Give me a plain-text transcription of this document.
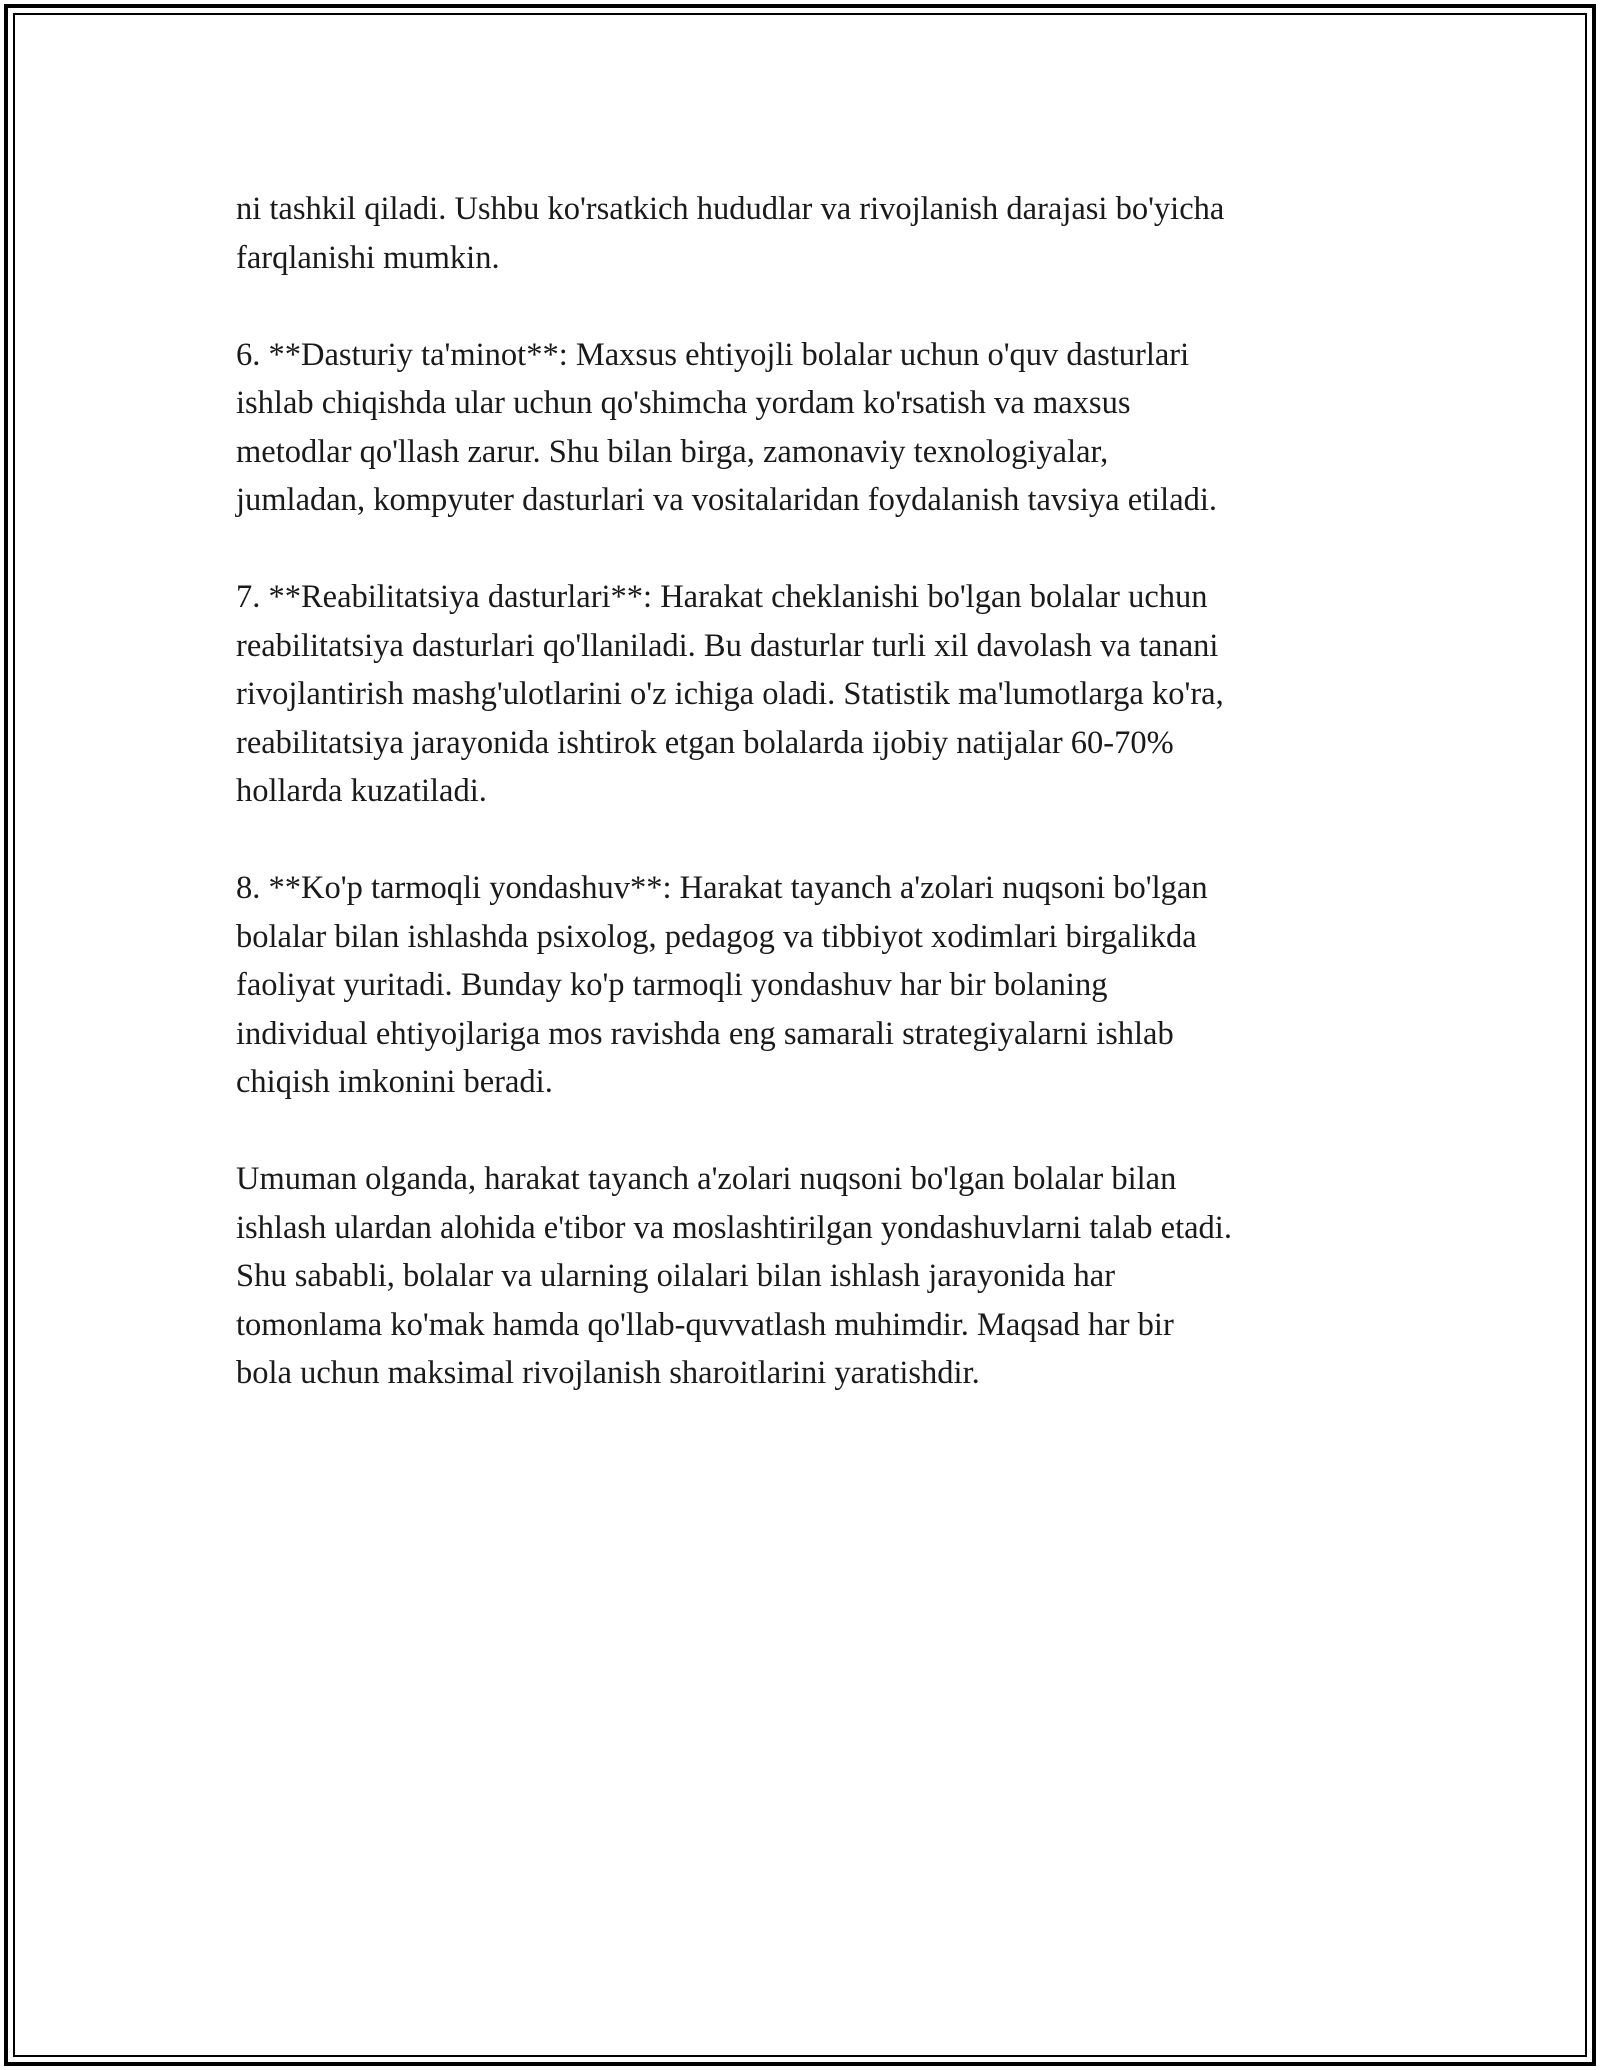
ni tashkil qiladi. Ushbu ko'rsatkich hududlar va rivojlanish darajasi bo'yicha
farqlanishi mumkin.

6. **Dasturiy ta'minot**: Maxsus ehtiyojli bolalar uchun o'quv dasturlari
ishlab chiqishda ular uchun qo'shimcha yordam ko'rsatish va maxsus
metodlar qo'llash zarur. Shu bilan birga, zamonaviy texnologiyalar,
jumladan, kompyuter dasturlari va vositalaridan foydalanish tavsiya etiladi.

7. **Reabilitatsiya dasturlari**: Harakat cheklanishi bo'lgan bolalar uchun
reabilitatsiya dasturlari qo'llaniladi. Bu dasturlar turli xil davolash va tanani
rivojlantirish mashg'ulotlarini o'z ichiga oladi. Statistik ma'lumotlarga ko'ra,
reabilitatsiya jarayonida ishtirok etgan bolalarda ijobiy natijalar 60-70%
hollarda kuzatiladi.

8. **Ko'p tarmoqli yondashuv**: Harakat tayanch a'zolari nuqsoni bo'lgan
bolalar bilan ishlashda psixolog, pedagog va tibbiyot xodimlari birgalikda
faoliyat yuritadi. Bunday ko'p tarmoqli yondashuv har bir bolaning
individual ehtiyojlariga mos ravishda eng samarali strategiyalarni ishlab
chiqish imkonini beradi.

Umuman olganda, harakat tayanch a'zolari nuqsoni bo'lgan bolalar bilan
ishlash ulardan alohida e'tibor va moslashtirilgan yondashuvlarni talab etadi.
Shu sababli, bolalar va ularning oilalari bilan ishlash jarayonida har
tomonlama ko'mak hamda qo'llab-quvvatlash muhimdir. Maqsad har bir
bola uchun maksimal rivojlanish sharoitlarini yaratishdir.
